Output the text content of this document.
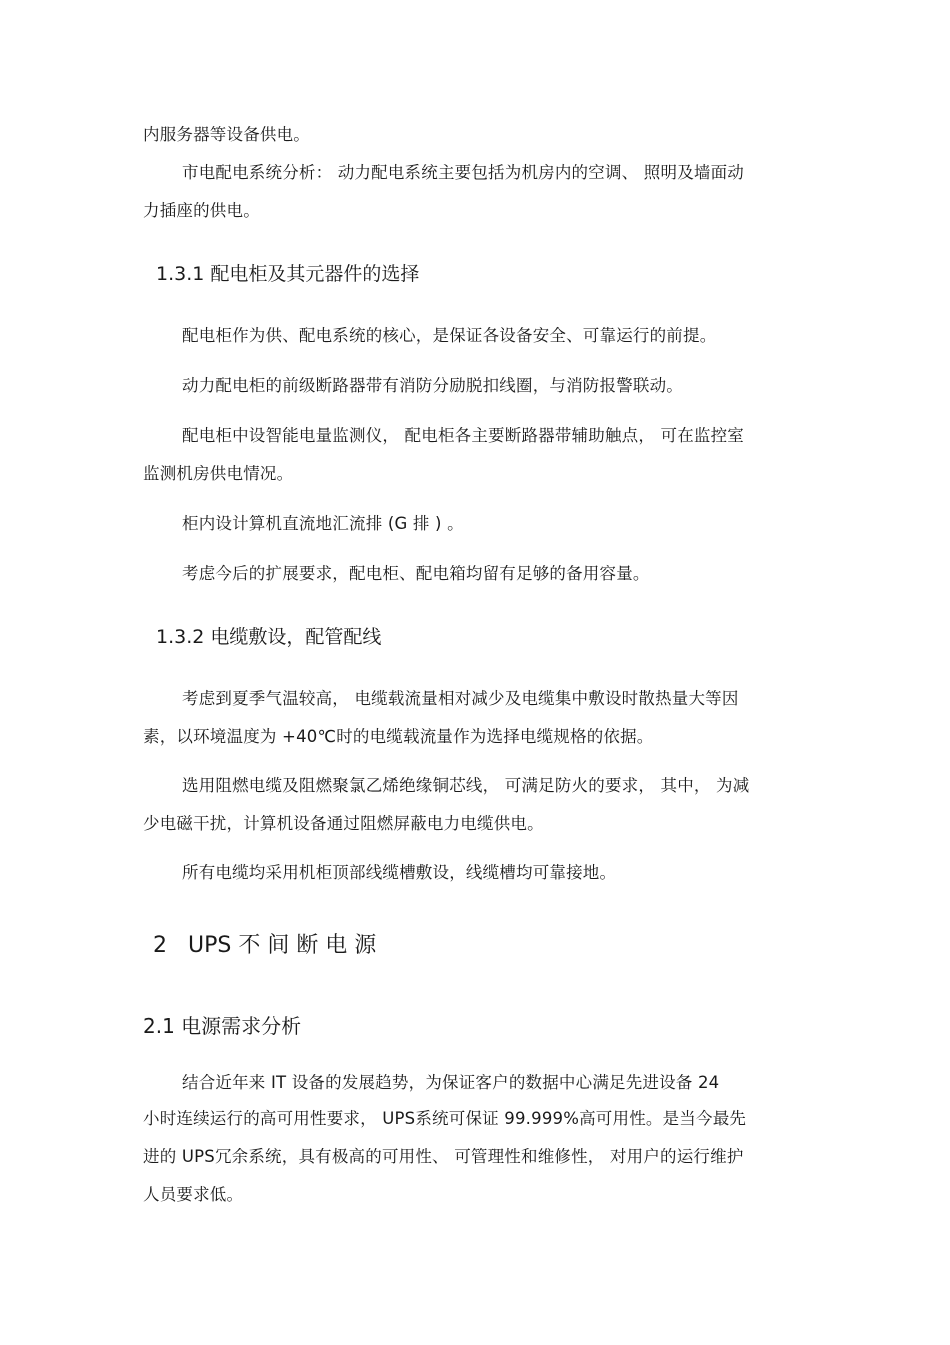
内服务器等设备供电。
市电配电系统分析： 动力配电系统主要包括为机房内的空调、 照明及墙面动
力插座的供电。
1.3.1 配电柜及其元器件的选择
配电柜作为供、配电系统的核心，是保证各设备安全、可靠运行的前提。
动力配电柜的前级断路器带有消防分励脱扣线圈，与消防报警联动。
配电柜中设智能电量监测仪， 配电柜各主要断路器带辅助触点， 可在监控室
监测机房供电情况。
柜内设计算机直流地汇流排 (G 排 ) 。
考虑今后的扩展要求，配电柜、配电箱均留有足够的备用容量。
1.3.2 电缆敷设，配管配线
考虑到夏季气温较高， 电缆载流量相对减少及电缆集中敷设时散热量大等因
素，以环境温度为 +40℃时的电缆载流量作为选择电缆规格的依据。
选用阻燃电缆及阻燃聚氯乙烯绝缘铜芯线， 可满足防火的要求， 其中， 为减
少电磁干扰，计算机设备通过阻燃屏蔽电力电缆供电。
所有电缆均采用机柜顶部线缆槽敷设，线缆槽均可靠接地。
2 UPS 不 间 断 电 源
2.1 电源需求分析
结合近年来 IT 设备的发展趋势，为保证客户的数据中心满足先进设备 24
小时连续运行的高可用性要求， UPS系统可保证 99.999%高可用性。是当今最先
进的 UPS冗余系统，具有极高的可用性、 可管理性和维修性， 对用户的运行维护
人员要求低。
